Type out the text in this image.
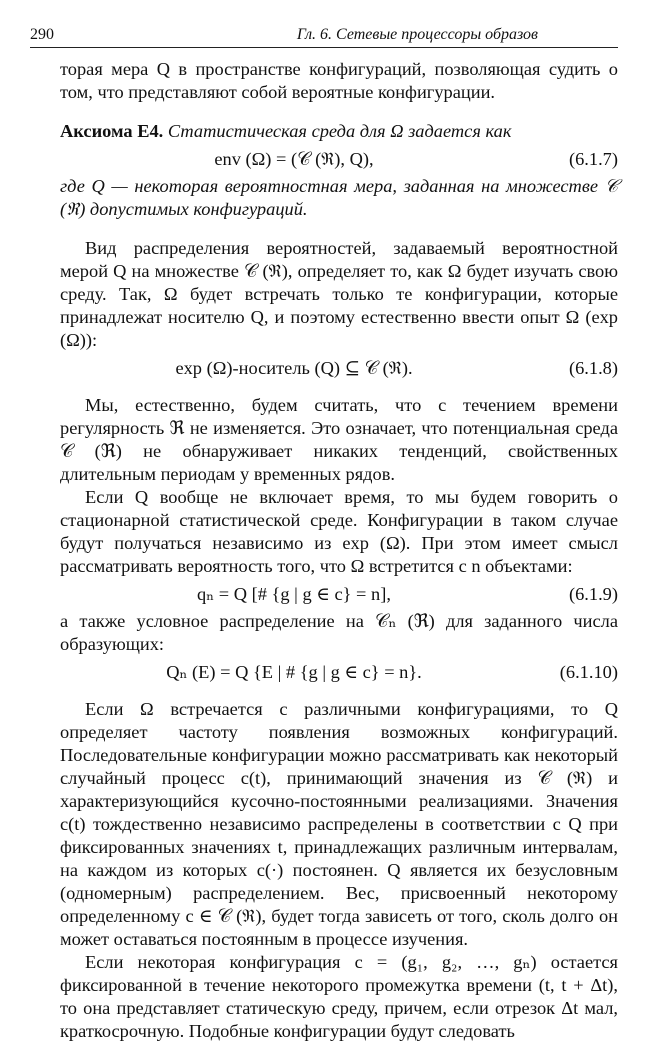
290	Гл. 6. Сетевые процессоры образов

торая мера Q в пространстве конфигураций, позволяющая судить о том, что представляют собой вероятные конфигурации.

Аксиома Е4. Статистическая среда для Ω задается как

env (Ω) = (𝒞 (ℜ), Q),	(6.1.7)

где Q — некоторая вероятностная мера, заданная на множестве 𝒞 (ℜ) допустимых конфигураций.

Вид распределения вероятностей, задаваемый вероятностной мерой Q на множестве 𝒞 (ℜ), определяет то, как Ω будет изучать свою среду. Так, Ω будет встречать только те конфигурации, которые принадлежат носителю Q, и поэтому естественно ввести опыт Ω (exp (Ω)):

exp (Ω)-носитель (Q) ⊆ 𝒞 (ℜ).	(6.1.8)

Мы, естественно, будем считать, что с течением времени регулярность ℜ не изменяется. Это означает, что потенциальная среда 𝒞 (ℜ) не обнаруживает никаких тенденций, свойственных длительным периодам у временных рядов.

Если Q вообще не включает время, то мы будем говорить о стационарной статистической среде. Конфигурации в таком случае будут получаться независимо из exp (Ω). При этом имеет смысл рассматривать вероятность того, что Ω встретится с n объектами:

qₙ = Q [# {g | g ∈ c} = n],	(6.1.9)

а также условное распределение на 𝒞ₙ (ℜ) для заданного числа образующих:

Qₙ (E) = Q {E | # {g | g ∈ c} = n}.	(6.1.10)

Если Ω встречается с различными конфигурациями, то Q определяет частоту появления возможных конфигураций. Последовательные конфигурации можно рассматривать как некоторый случайный процесс c(t), принимающий значения из 𝒞 (ℜ) и характеризующийся кусочно-постоянными реализациями. Значения c(t) тождественно независимо распределены в соответствии с Q при фиксированных значениях t, принадлежащих различным интервалам, на каждом из которых c(·) постоянен. Q является их безусловным (одномерным) распределением. Вес, присвоенный некоторому определенному c ∈ 𝒞 (ℜ), будет тогда зависеть от того, сколь долго он может оставаться постоянным в процессе изучения.

Если некоторая конфигурация c = (g₁, g₂, …, gₙ) остается фиксированной в течение некоторого промежутка времени (t, t + Δt), то она представляет статическую среду, причем, если отрезок Δt мал, краткосрочную. Подобные конфигурации будут следовать
